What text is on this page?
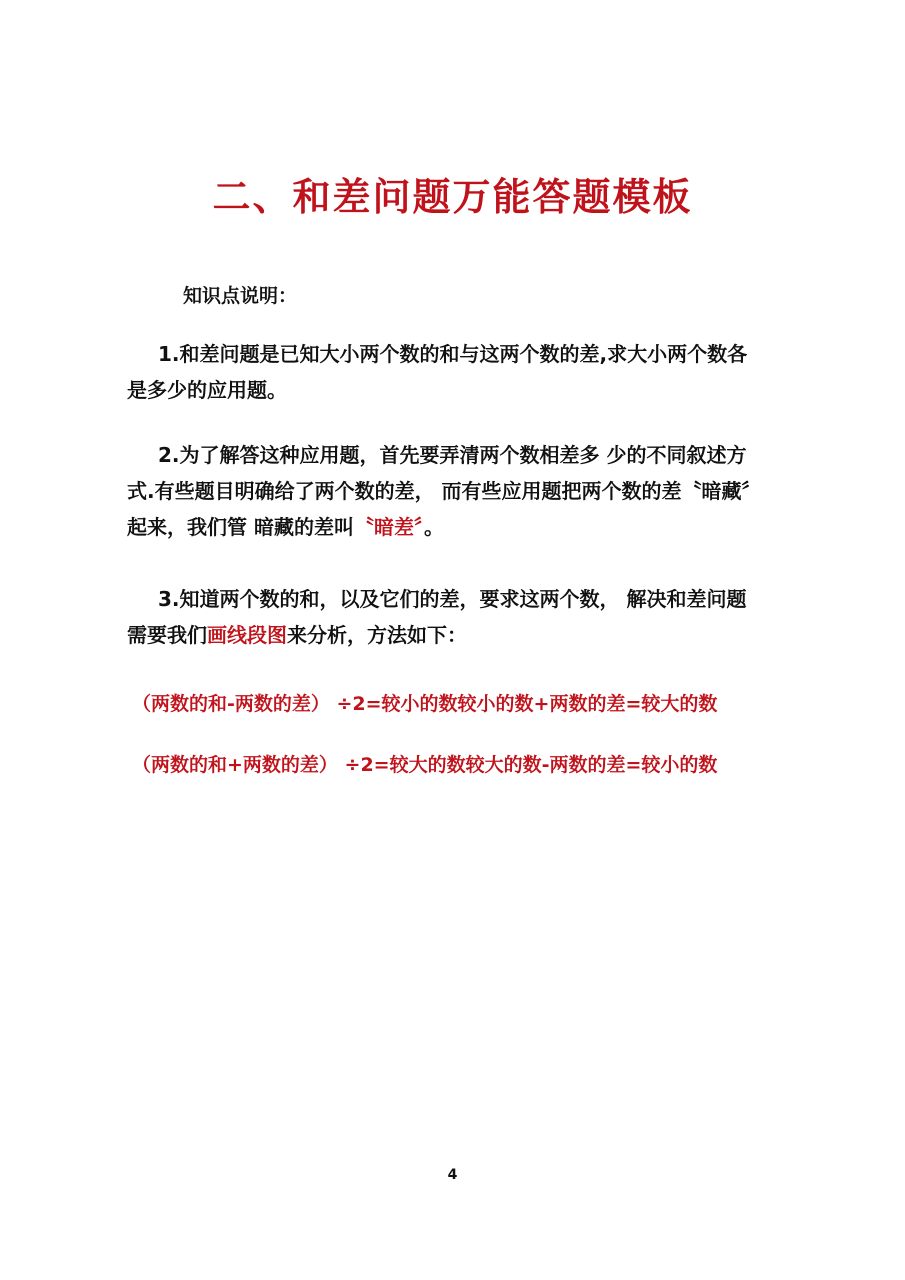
二、和差问题万能答题模板
知识点说明：
1.和差问题是已知大小两个数的和与这两个数的差,求大小两个数各
是多少的应用题。
2.为了解答这种应用题，首先要弄清两个数相差多 少的不同叙述方
式.有些题目明确给了两个数的差， 而有些应用题把两个数的差〝暗藏〞
起来，我们管 暗藏的差叫〝暗差〞。
3.知道两个数的和，以及它们的差，要求这两个数， 解决和差问题
需要我们画线段图来分析，方法如下：
（两数的和-两数的差） ÷2=较小的数较小的数+两数的差=较大的数
（两数的和+两数的差） ÷2=较大的数较大的数-两数的差=较小的数
4
